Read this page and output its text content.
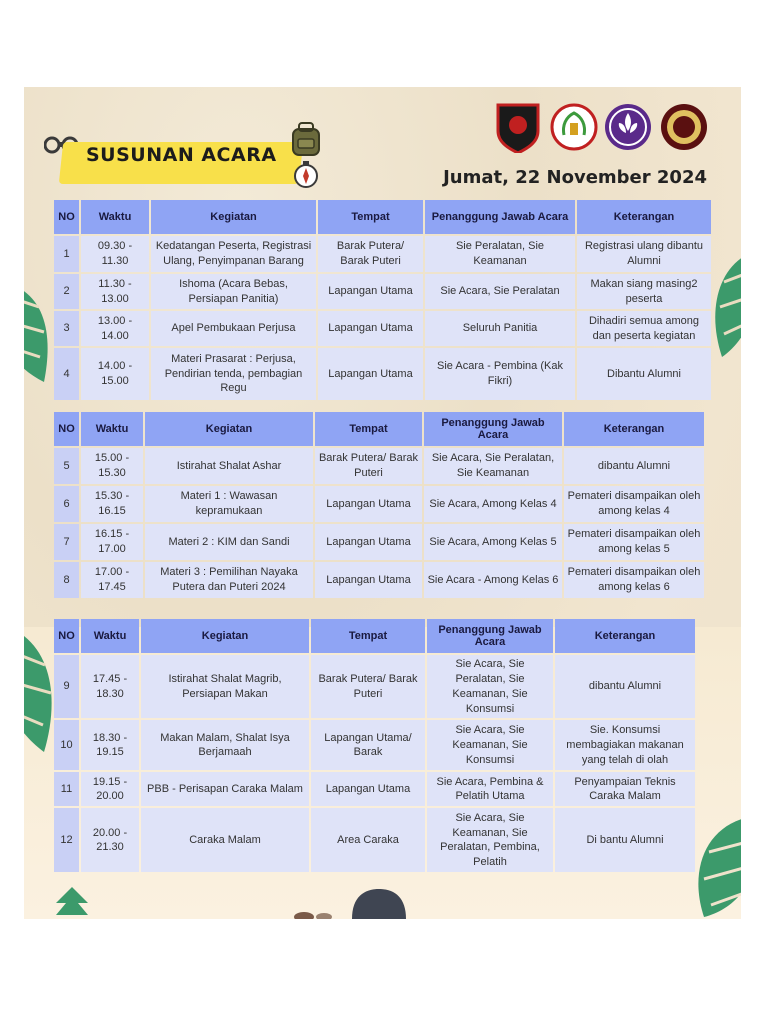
SUSUNAN ACARA
Jumat, 22 November 2024
NO	Waktu	Kegiatan	Tempat	Penanggung Jawab Acara	Keterangan
1	09.30 - 11.30	Kedatangan Peserta, Registrasi Ulang, Penyimpanan Barang	Barak Putera/ Barak Puteri	Sie Peralatan, Sie Keamanan	Registrasi ulang dibantu Alumni
2	11.30 - 13.00	Ishoma (Acara Bebas, Persiapan Panitia)	Lapangan Utama	Sie Acara, Sie Peralatan	Makan siang masing2 peserta
3	13.00 - 14.00	Apel Pembukaan Perjusa	Lapangan Utama	Seluruh Panitia	Dihadiri semua among dan peserta kegiatan
4	14.00 - 15.00	Materi Prasarat : Perjusa, Pendirian tenda, pembagian Regu	Lapangan Utama	Sie Acara - Pembina (Kak Fikri)	Dibantu Alumni
NO	Waktu	Kegiatan	Tempat	Penanggung Jawab Acara	Keterangan
5	15.00 - 15.30	Istirahat Shalat Ashar	Barak Putera/ Barak Puteri	Sie Acara, Sie Peralatan, Sie Keamanan	dibantu Alumni
6	15.30 - 16.15	Materi 1 : Wawasan kepramukaan	Lapangan Utama	Sie Acara, Among Kelas 4	Pemateri disampaikan oleh among kelas 4
7	16.15 - 17.00	Materi 2 : KIM dan Sandi	Lapangan Utama	Sie Acara, Among Kelas 5	Pemateri disampaikan oleh among kelas 5
8	17.00 - 17.45	Materi 3 : Pemilihan Nayaka Putera dan Puteri 2024	Lapangan Utama	Sie Acara - Among Kelas 6	Pemateri disampaikan oleh among kelas 6
NO	Waktu	Kegiatan	Tempat	Penanggung Jawab Acara	Keterangan
9	17.45 - 18.30	Istirahat Shalat Magrib, Persiapan Makan	Barak Putera/ Barak Puteri	Sie Acara, Sie Peralatan, Sie Keamanan, Sie Konsumsi	dibantu Alumni
10	18.30 - 19.15	Makan Malam, Shalat Isya Berjamaah	Lapangan Utama/ Barak	Sie Acara, Sie Keamanan, Sie Konsumsi	Sie. Konsumsi membagiakan makanan yang telah di olah
11	19.15 - 20.00	PBB - Perisapan Caraka Malam	Lapangan Utama	Sie Acara, Pembina & Pelatih Utama	Penyampaian Teknis Caraka Malam
12	20.00 - 21.30	Caraka Malam	Area Caraka	Sie Acara, Sie Keamanan, Sie Peralatan, Pembina, Pelatih	Di bantu Alumni
